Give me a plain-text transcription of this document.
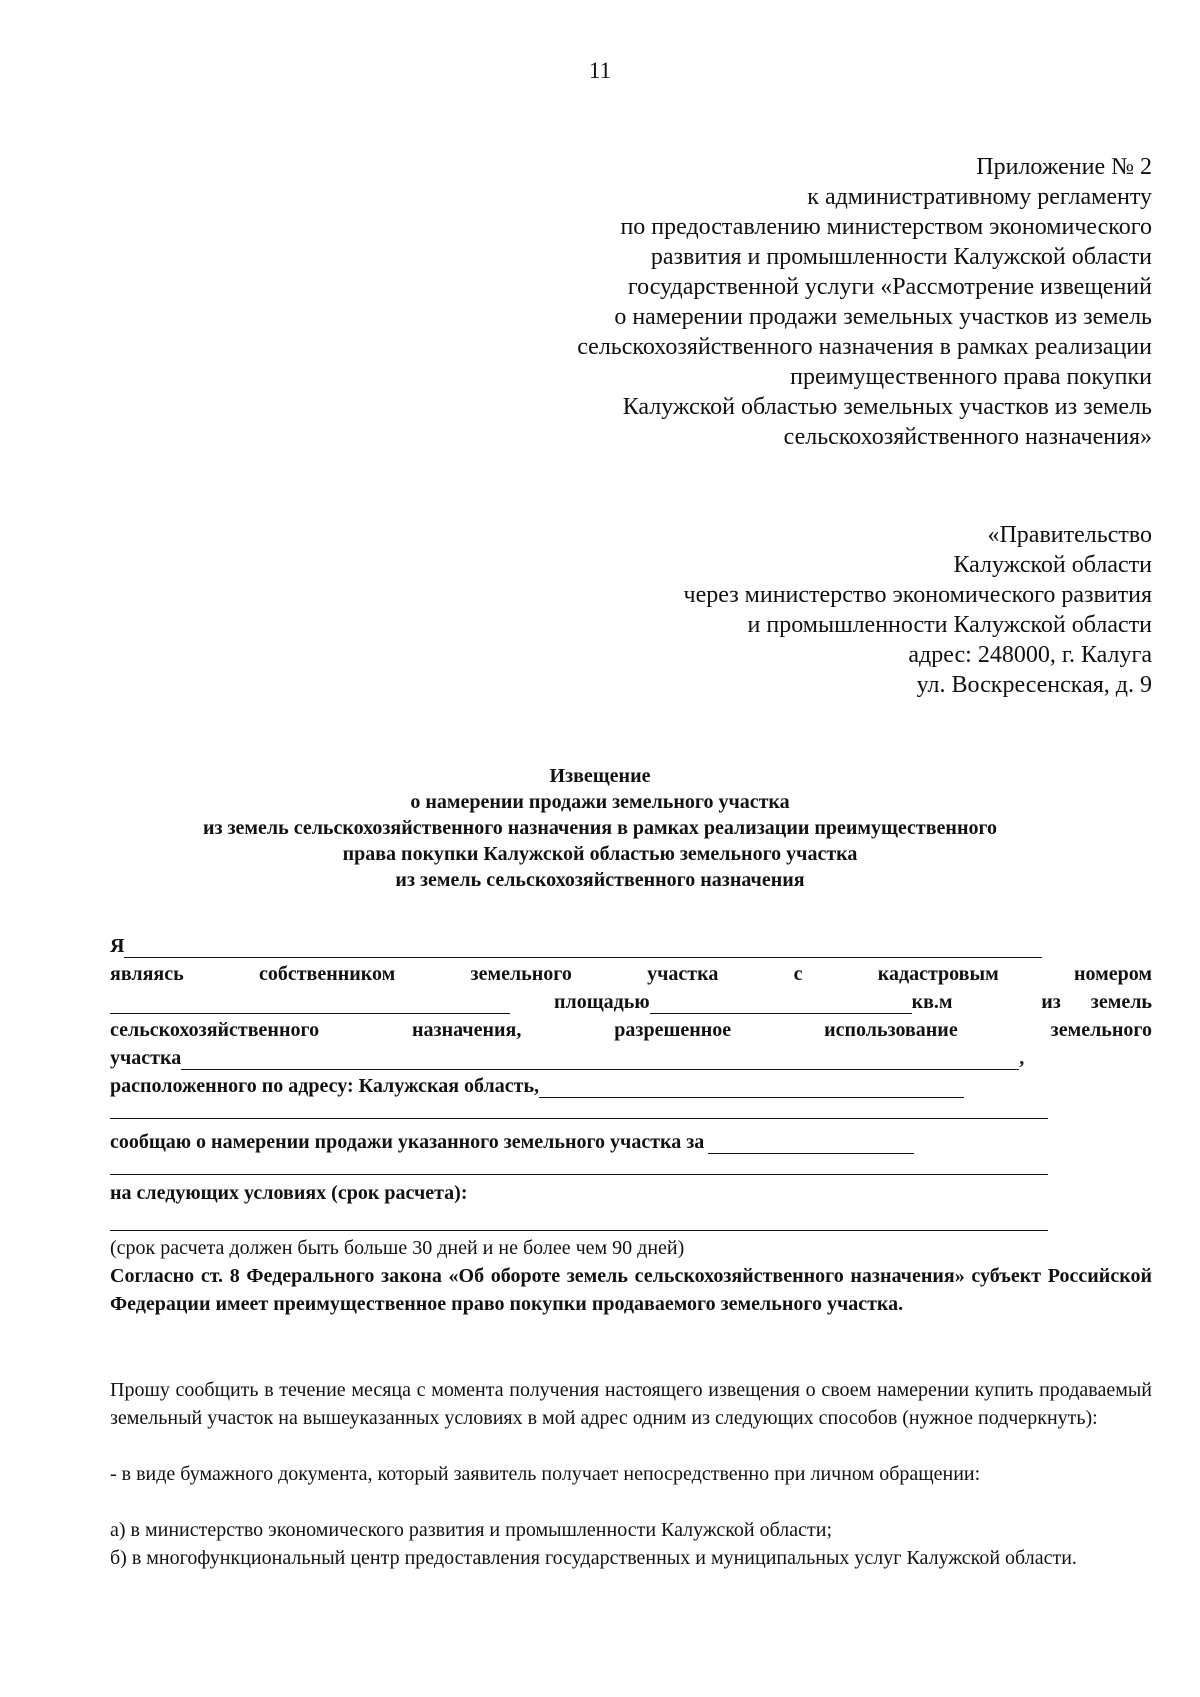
11
Приложение № 2
к административному регламенту
по предоставлению министерством экономического
развития и промышленности Калужской области
государственной услуги «Рассмотрение извещений
о намерении продажи земельных участков из земель
сельскохозяйственного назначения в рамках реализации
преимущественного права покупки
Калужской областью земельных участков из земель
сельскохозяйственного назначения»
«Правительство
Калужской области
через министерство экономического развития
и промышленности Калужской области
адрес: 248000, г. Калуга
ул. Воскресенская, д. 9
Извещение
о намерении продажи земельного участка
из земель сельскохозяйственного назначения в рамках реализации преимущественного
права покупки Калужской областью земельного участка
из земель сельскохозяйственного назначения
Я
являясь	собственником	земельного	участка	с	кадастровым	номером
площадью	кв.м	из земель
сельскохозяйственного	назначения,	разрешенное	использование	земельного
участка	,
расположенного по адресу: Калужская область,
сообщаю о намерении продажи указанного земельного участка за
на следующих условиях (срок расчета):
(срок расчета должен быть больше 30 дней и не более чем 90 дней)
Согласно ст. 8 Федерального закона «Об обороте земель сельскохозяйственного назначения» субъект Российской Федерации имеет преимущественное право покупки продаваемого земельного участка.
Прошу сообщить в течение месяца с момента получения настоящего извещения о своем намерении купить продаваемый земельный участок на вышеуказанных условиях в мой адрес одним из следующих способов (нужное подчеркнуть):
- в виде бумажного документа, который заявитель получает непосредственно при личном обращении:
а) в министерство экономического развития и промышленности Калужской области;
б) в многофункциональный центр предоставления государственных и муниципальных услуг Калужской области.
